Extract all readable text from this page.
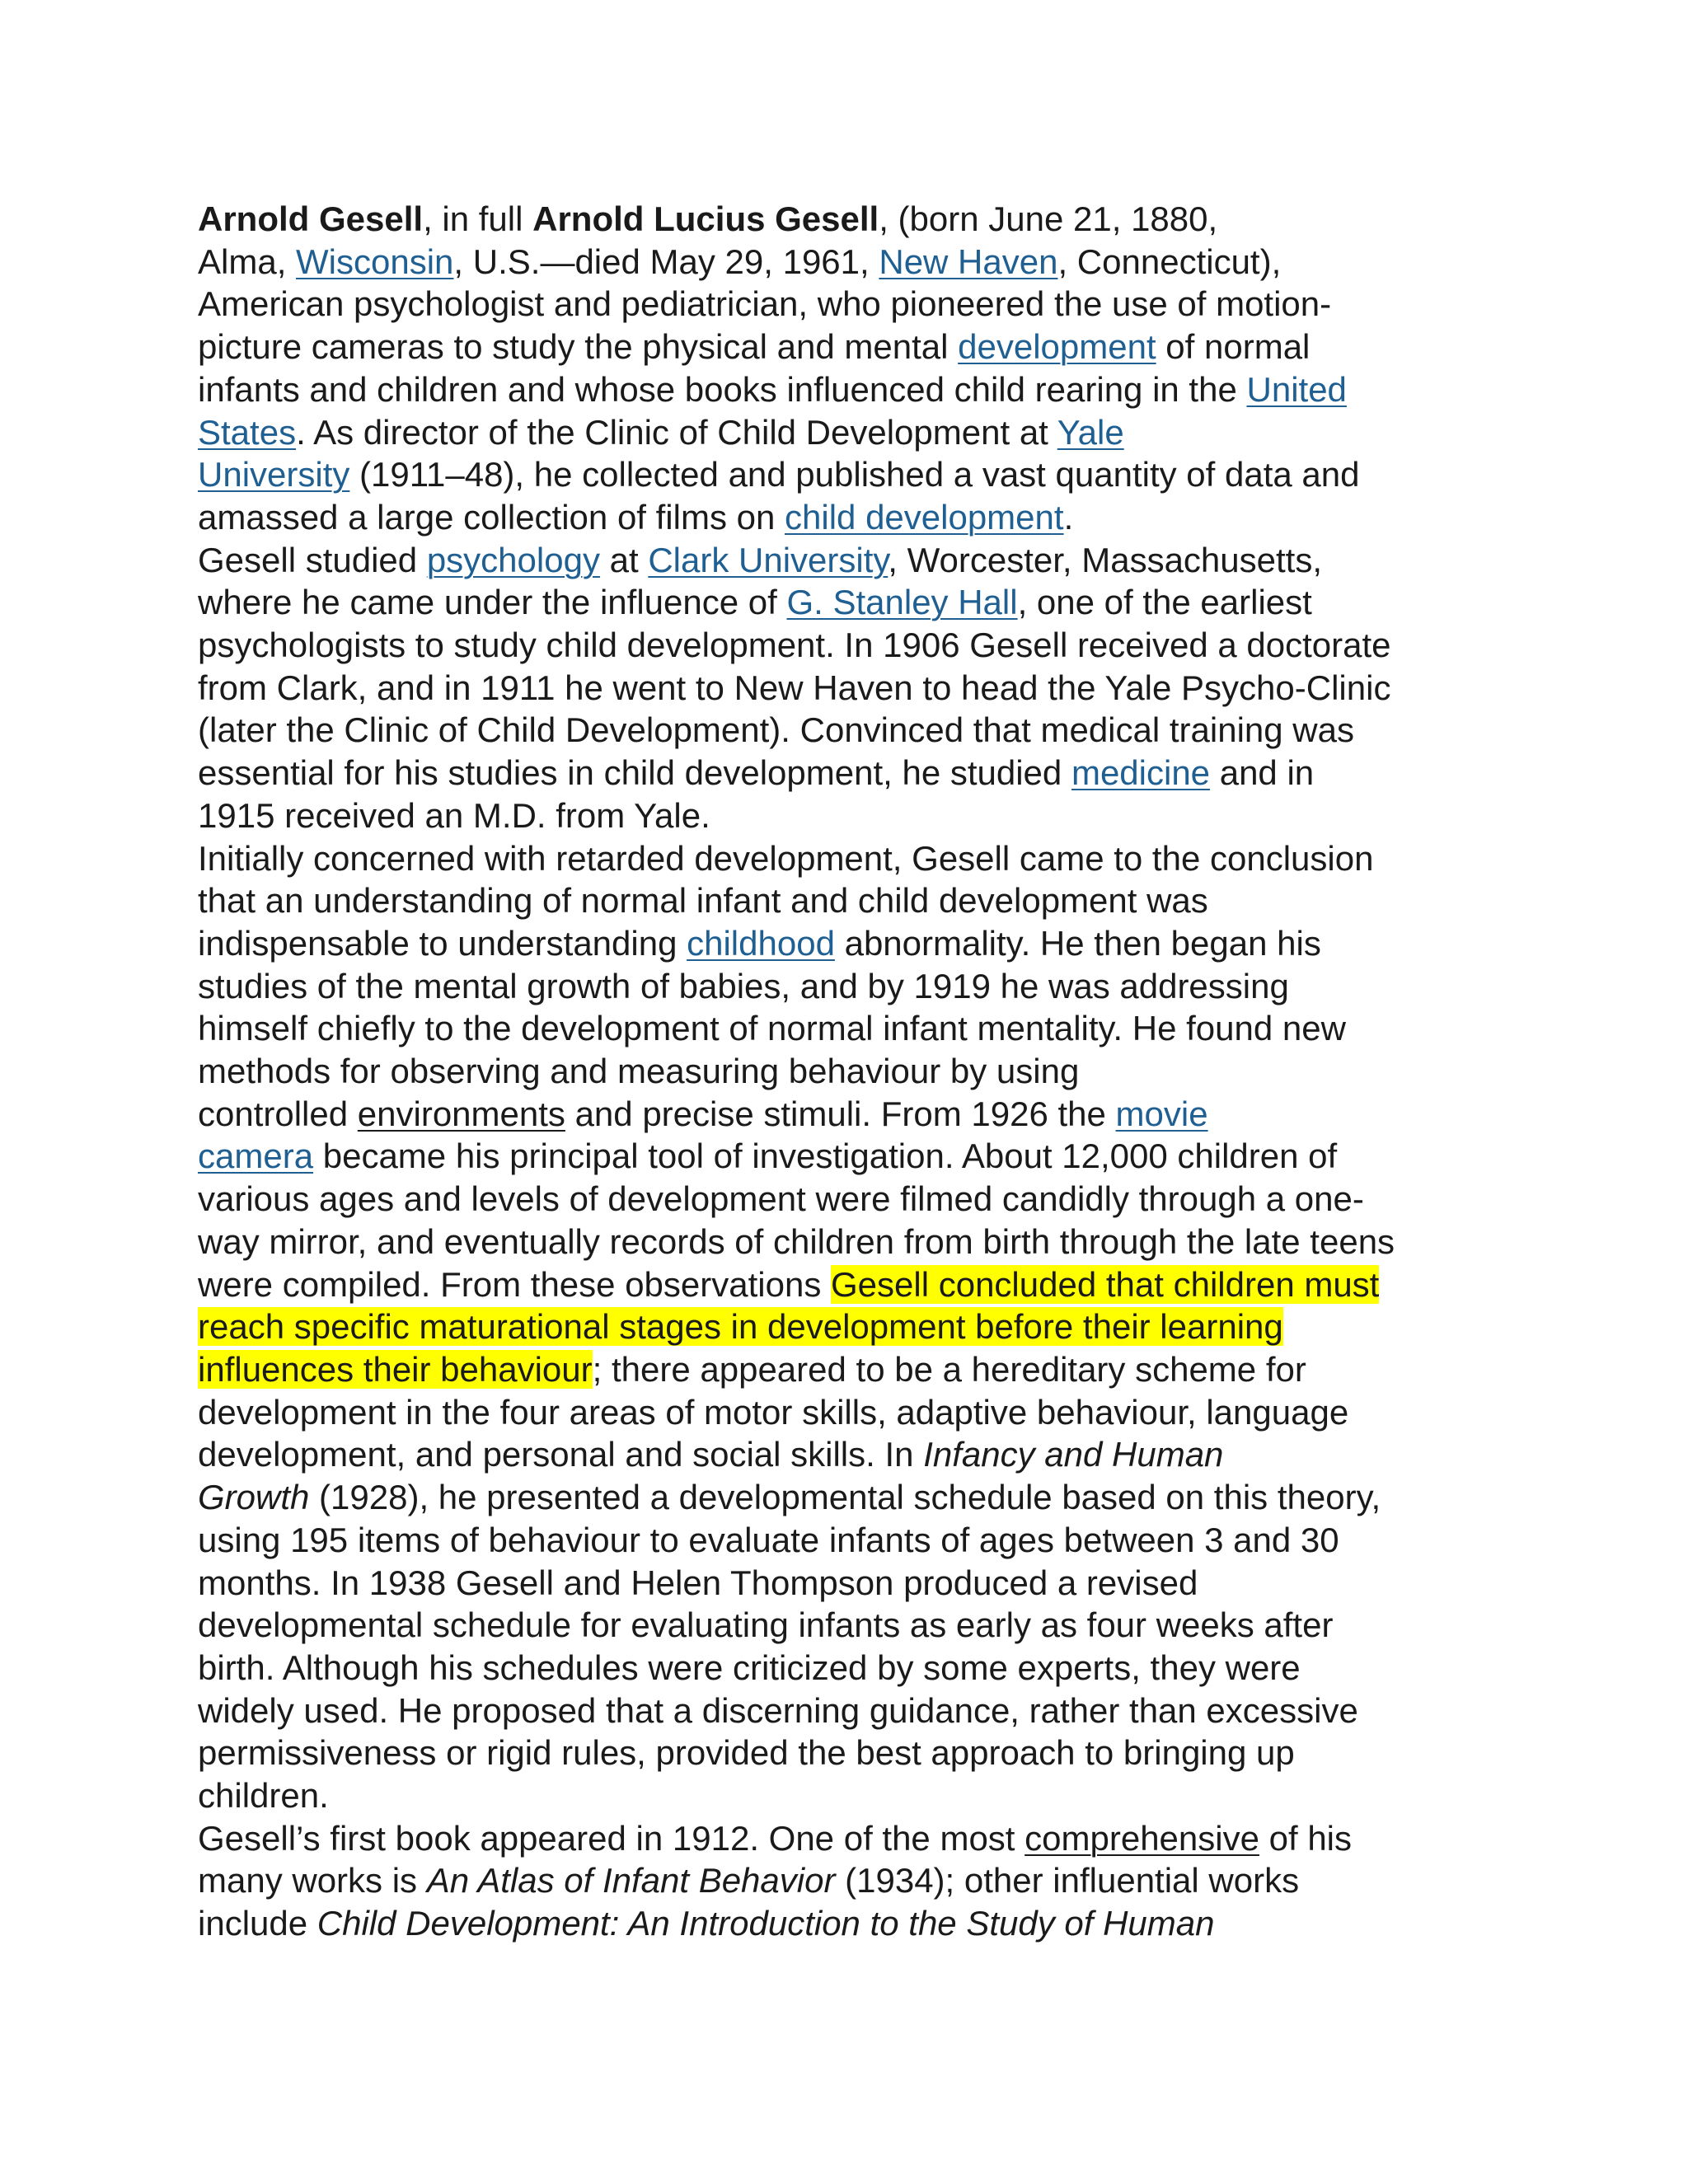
Arnold Gesell, in full Arnold Lucius Gesell, (born June 21, 1880,
Alma, Wisconsin, U.S.—died May 29, 1961, New Haven, Connecticut),
American psychologist and pediatrician, who pioneered the use of motion-
picture cameras to study the physical and mental development of normal
infants and children and whose books influenced child rearing in the United
States. As director of the Clinic of Child Development at Yale
University (1911–48), he collected and published a vast quantity of data and
amassed a large collection of films on child development.

Gesell studied psychology at Clark University, Worcester, Massachusetts,
where he came under the influence of G. Stanley Hall, one of the earliest
psychologists to study child development. In 1906 Gesell received a doctorate
from Clark, and in 1911 he went to New Haven to head the Yale Psycho-Clinic
(later the Clinic of Child Development). Convinced that medical training was
essential for his studies in child development, he studied medicine and in
1915 received an M.D. from Yale.

Initially concerned with retarded development, Gesell came to the conclusion
that an understanding of normal infant and child development was
indispensable to understanding childhood abnormality. He then began his
studies of the mental growth of babies, and by 1919 he was addressing
himself chiefly to the development of normal infant mentality. He found new
methods for observing and measuring behaviour by using
controlled environments and precise stimuli. From 1926 the movie
camera became his principal tool of investigation. About 12,000 children of
various ages and levels of development were filmed candidly through a one-
way mirror, and eventually records of children from birth through the late teens
were compiled. From these observations Gesell concluded that children must
reach specific maturational stages in development before their learning
influences their behaviour; there appeared to be a hereditary scheme for
development in the four areas of motor skills, adaptive behaviour, language
development, and personal and social skills. In Infancy and Human
Growth (1928), he presented a developmental schedule based on this theory,
using 195 items of behaviour to evaluate infants of ages between 3 and 30
months. In 1938 Gesell and Helen Thompson produced a revised
developmental schedule for evaluating infants as early as four weeks after
birth. Although his schedules were criticized by some experts, they were
widely used. He proposed that a discerning guidance, rather than excessive
permissiveness or rigid rules, provided the best approach to bringing up
children.

Gesell’s first book appeared in 1912. One of the most comprehensive of his
many works is An Atlas of Infant Behavior (1934); other influential works
include Child Development: An Introduction to the Study of Human
